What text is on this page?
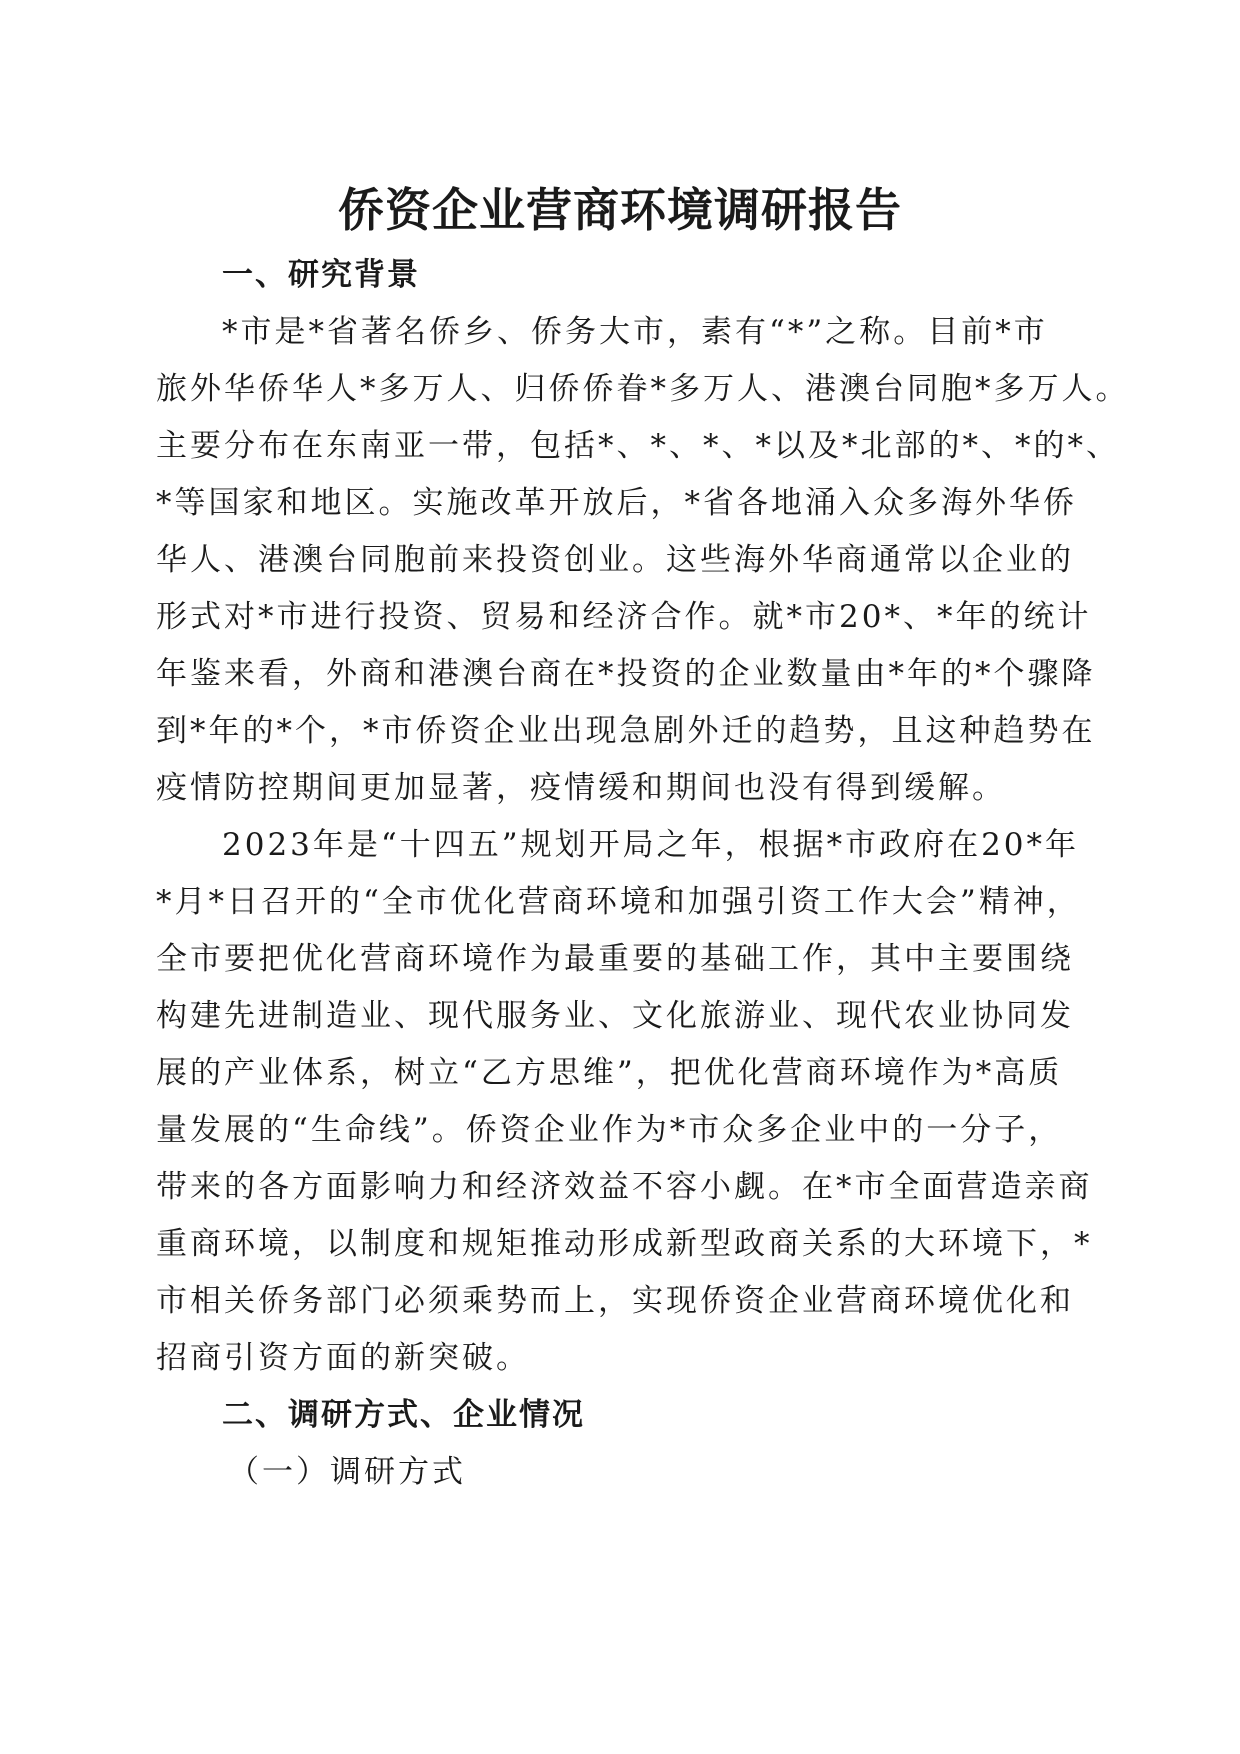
侨资企业营商环境调研报告
一、研究背景
*市是*省著名侨乡、侨务大市，素有“*”之称。目前*市
旅外华侨华人*多万人、归侨侨眷*多万人、港澳台同胞*多万人。
主要分布在东南亚一带，包括*、*、*、*以及*北部的*、*的*、
*等国家和地区。实施改革开放后，*省各地涌入众多海外华侨
华人、港澳台同胞前来投资创业。这些海外华商通常以企业的
形式对*市进行投资、贸易和经济合作。就*市20*、*年的统计
年鉴来看，外商和港澳台商在*投资的企业数量由*年的*个骤降
到*年的*个，*市侨资企业出现急剧外迁的趋势，且这种趋势在
疫情防控期间更加显著，疫情缓和期间也没有得到缓解。
2023年是“十四五”规划开局之年，根据*市政府在20*年
*月*日召开的“全市优化营商环境和加强引资工作大会”精神，
全市要把优化营商环境作为最重要的基础工作，其中主要围绕
构建先进制造业、现代服务业、文化旅游业、现代农业协同发
展的产业体系，树立“乙方思维”，把优化营商环境作为*高质
量发展的“生命线”。侨资企业作为*市众多企业中的一分子，
带来的各方面影响力和经济效益不容小觑。在*市全面营造亲商
重商环境，以制度和规矩推动形成新型政商关系的大环境下，*
市相关侨务部门必须乘势而上，实现侨资企业营商环境优化和
招商引资方面的新突破。
二、调研方式、企业情况
（一）调研方式
